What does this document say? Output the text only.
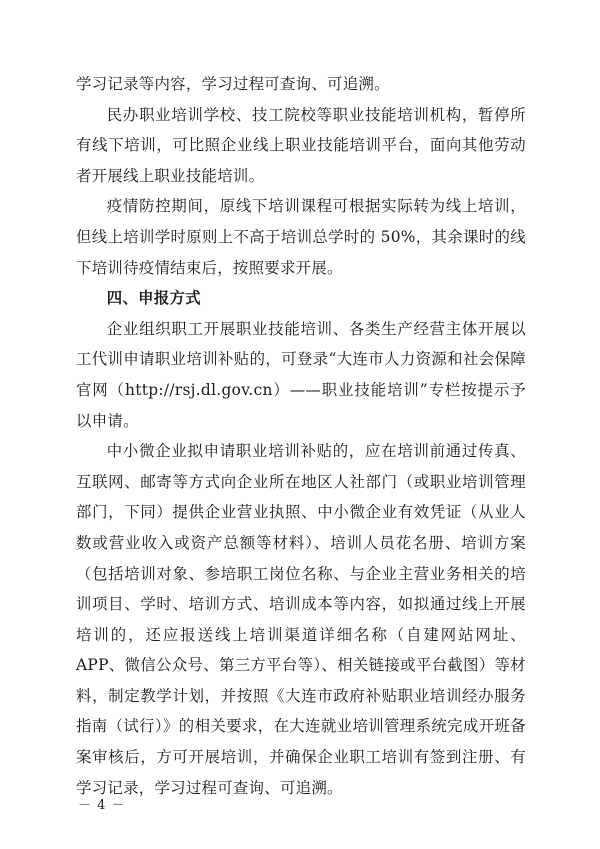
学习记录等内容，学习过程可查询、可追溯。

民办职业培训学校、技工院校等职业技能培训机构，暂停所有线下培训，可比照企业线上职业技能培训平台，面向其他劳动者开展线上职业技能培训。

疫情防控期间，原线下培训课程可根据实际转为线上培训，但线上培训学时原则上不高于培训总学时的 50%，其余课时的线下培训待疫情结束后，按照要求开展。

四、申报方式

企业组织职工开展职业技能培训、各类生产经营主体开展以工代训申请职业培训补贴的，可登录“大连市人力资源和社会保障官网（http://rsj.dl.gov.cn）——职业技能培训”专栏按提示予以申请。

中小微企业拟申请职业培训补贴的，应在培训前通过传真、互联网、邮寄等方式向企业所在地区人社部门（或职业培训管理部门，下同）提供企业营业执照、中小微企业有效凭证（从业人数或营业收入或资产总额等材料）、培训人员花名册、培训方案（包括培训对象、参培职工岗位名称、与企业主营业务相关的培训项目、学时、培训方式、培训成本等内容，如拟通过线上开展培训的，还应报送线上培训渠道详细名称（自建网站网址、APP、微信公众号、第三方平台等）、相关链接或平台截图）等材料，制定教学计划，并按照《大连市政府补贴职业培训经办服务指南（试行）》的相关要求，在大连就业培训管理系统完成开班备案审核后，方可开展培训，并确保企业职工培训有签到注册、有学习记录，学习过程可查询、可追溯。

－ 4 －
